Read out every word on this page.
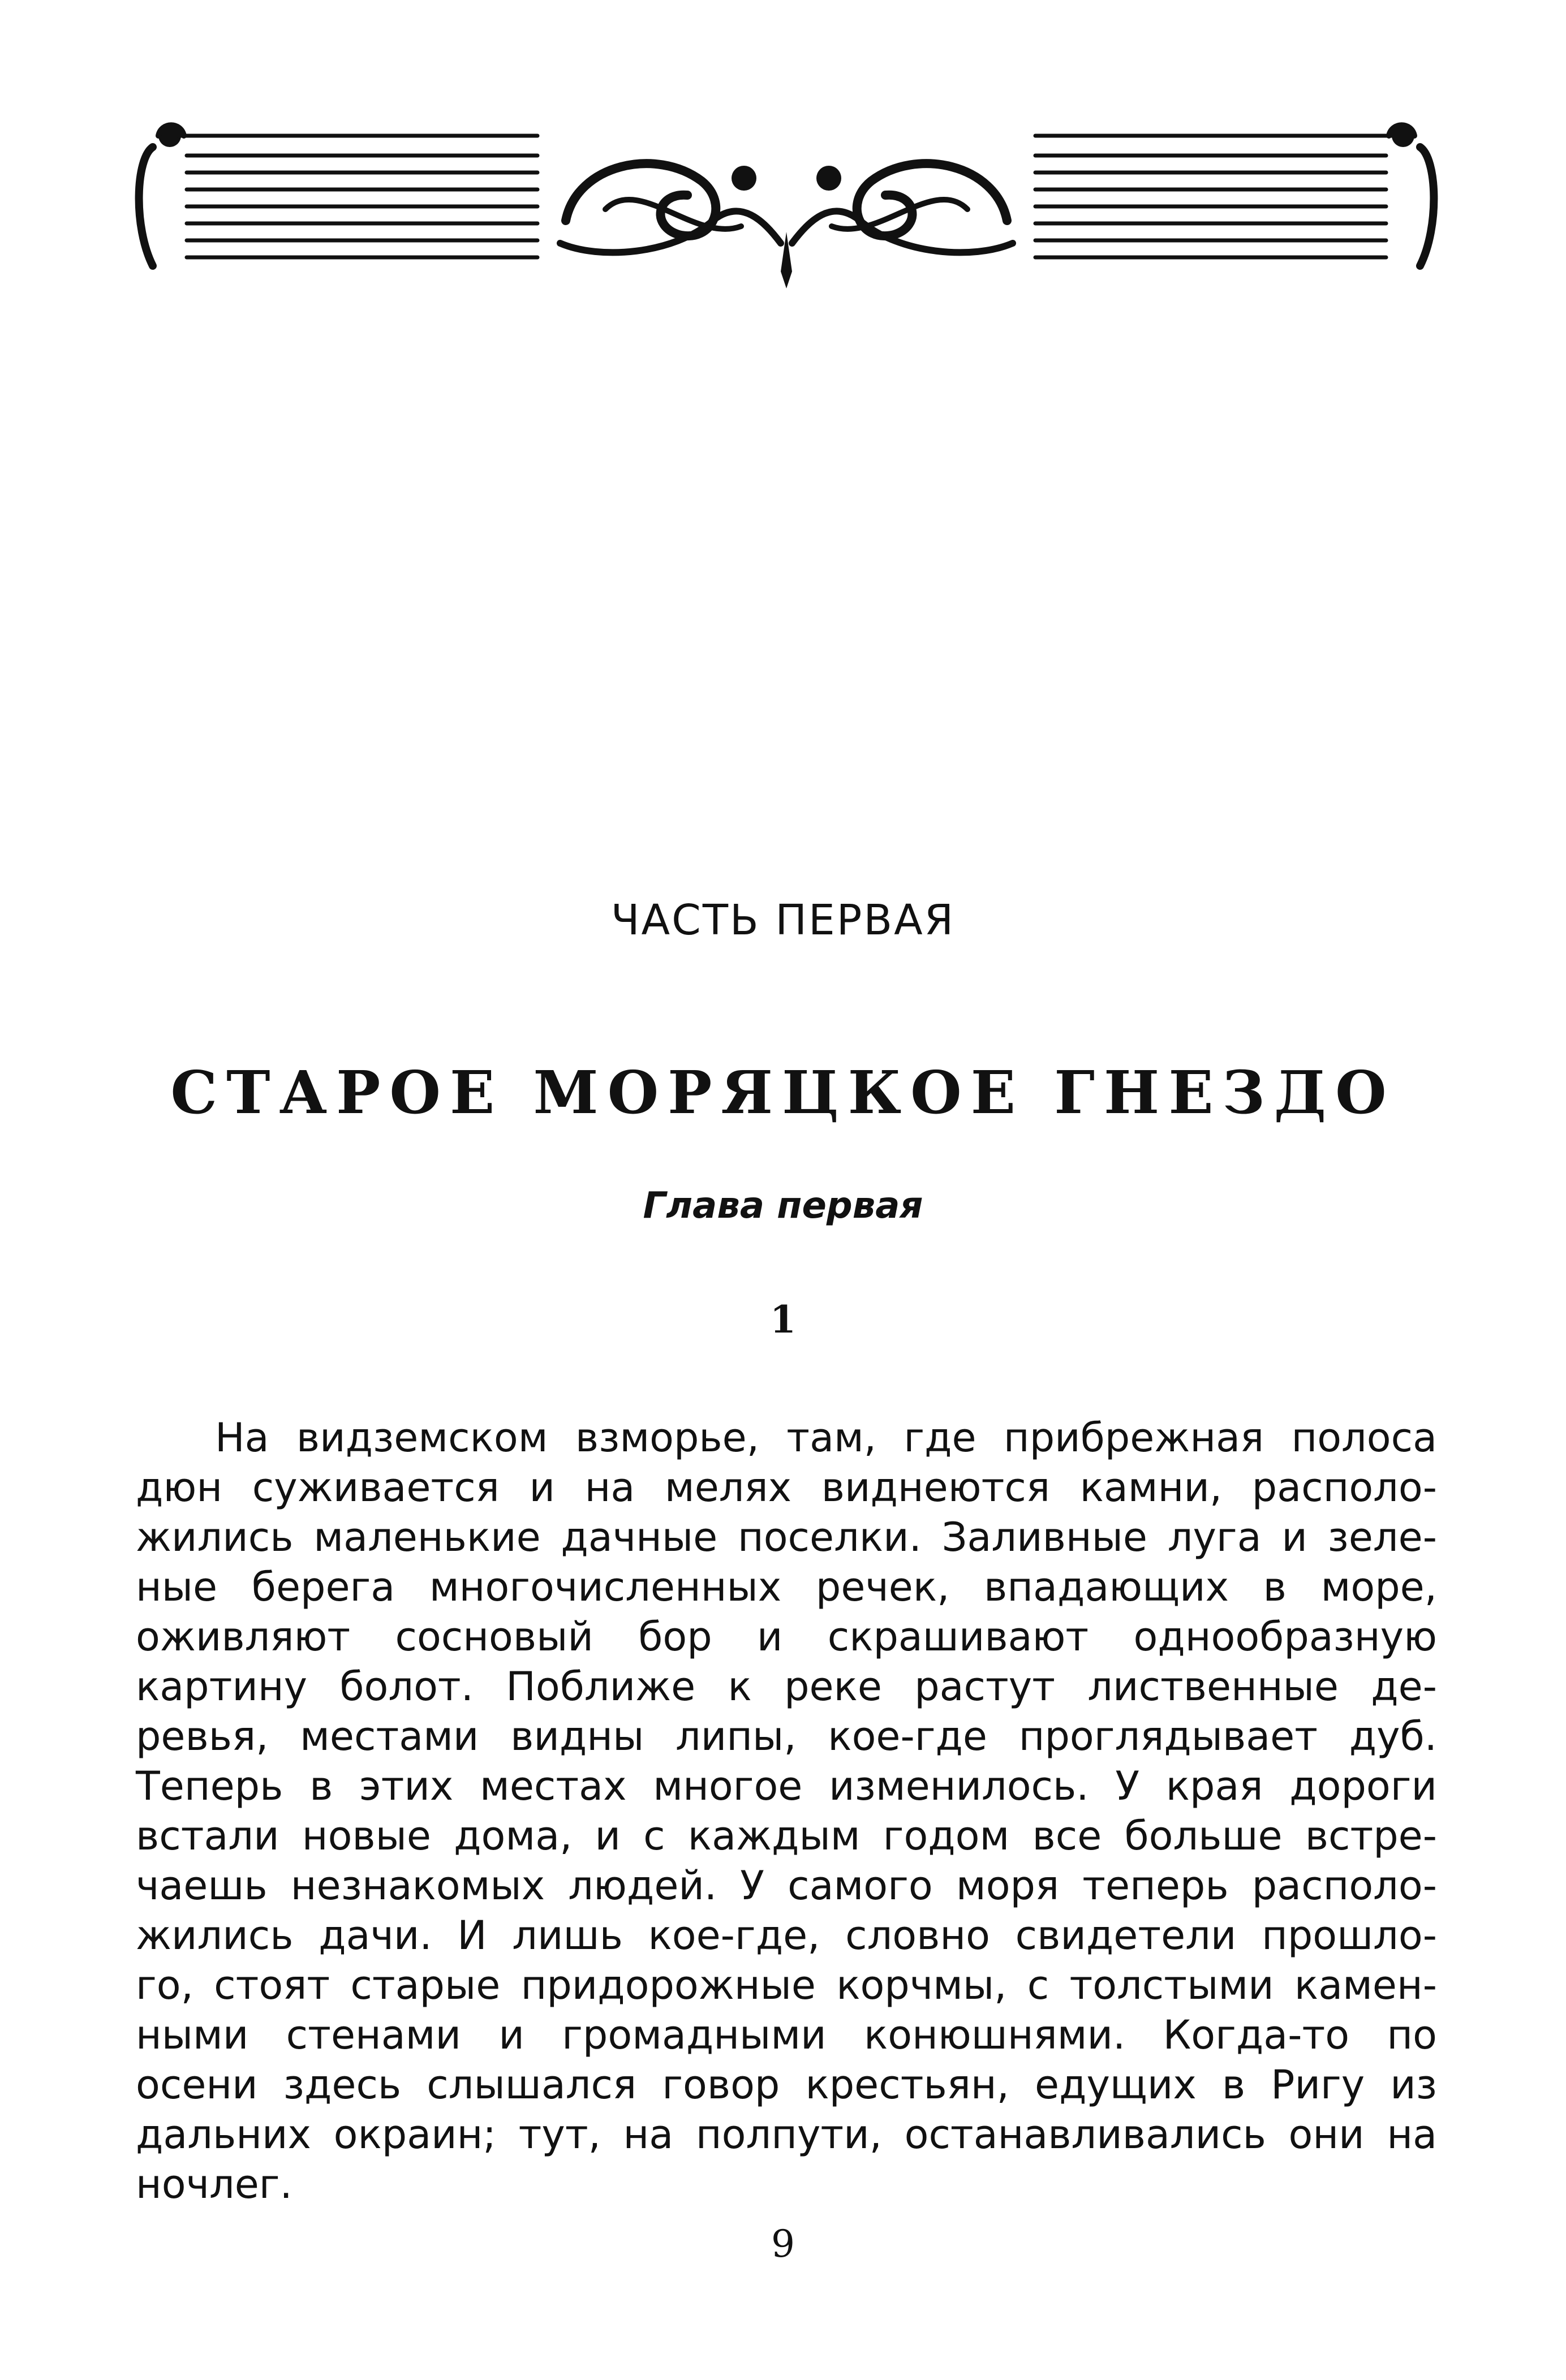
ЧАСТЬ ПЕРВАЯ
СТАРОЕ МОРЯЦКОЕ ГНЕЗДО
Глава первая
1
На видземском взморье, там, где прибрежная полоса
дюн суживается и на мелях виднеются камни, располо-
жились маленькие дачные поселки. Заливные луга и зеле-
ные берега многочисленных речек, впадающих в море,
оживляют сосновый бор и скрашивают однообразную
картину болот. Поближе к реке растут лиственные де-
ревья, местами видны липы, кое-где проглядывает дуб.
Теперь в этих местах многое изменилось. У края дороги
встали новые дома, и с каждым годом все больше встре-
чаешь незнакомых людей. У самого моря теперь располо-
жились дачи. И лишь кое-где, словно свидетели прошло-
го, стоят старые придорожные корчмы, с толстыми камен-
ными стенами и громадными конюшнями. Когда-то по
осени здесь слышался говор крестьян, едущих в Ригу из
дальних окраин; тут, на полпути, останавливались они на
ночлег.
9
